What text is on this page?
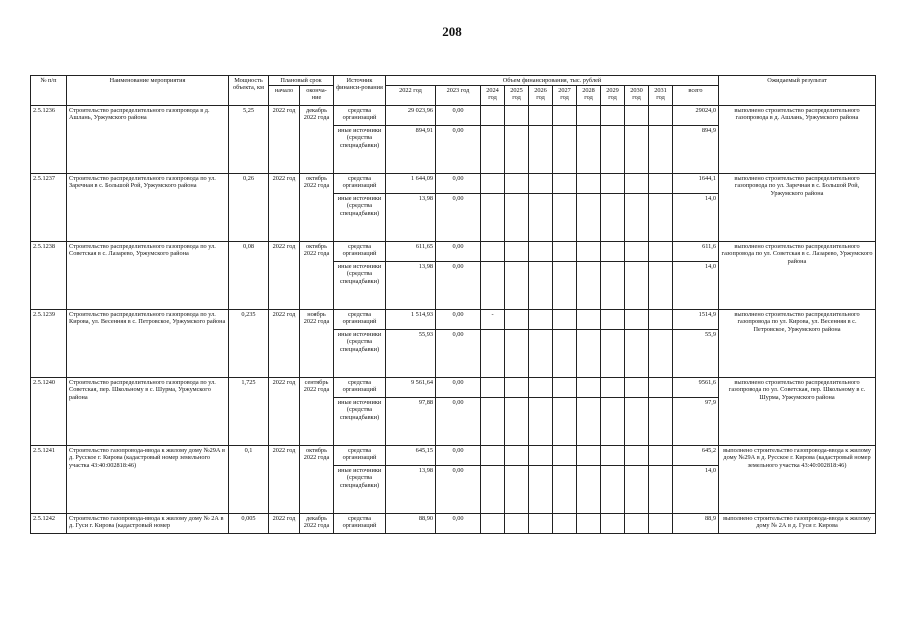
208
№ п/п	Наименование мероприятия	Мощность объекта, км	Плановый срок		Источник финанси-рования	Объем финансирования, тыс. рублей											Ожидаемый результат
			начало	оконча-ние		2022 год	2023 год	2024 год	2025 год	2026 год	2027 год	2028 год	2029 год	2030 год	2031 год	всего	
2.5.1236	Строительство распределительного газопровода в д. Ашлань, Уржумского района	5,25	2022 год	декабрь 2022 года	средства организаций	29 023,96	0,00									29024,0	выполнено строительство распределительного газопровода в д. Ашлань, Уржумского района
					иные источники (средства спецнадбавки)	894,91	0,00									894,9	
2.5.1237	Строительство распределительного газопровода по ул. Заречная в с. Большой Рой, Уржумского района	0,26	2022 год	октябрь 2022 года	средства организаций	1 644,09	0,00									1644,1	выполнено строительство распределительного газопровода по ул. Заречная в с. Большой Рой, Уржумского района
					иные источники (средства спецнадбавки)	13,98	0,00									14,0	
2.5.1238	Строительство распределительного газопровода по ул. Советская в с. Лазарево, Уржумского района	0,08	2022 год	октябрь 2022 года	средства организаций	611,65	0,00									611,6	выполнено строительство распределительного газопровода по ул. Советская в с. Лазарево, Уржумского района
					иные источники (средства спецнадбавки)	13,98	0,00									14,0	
2.5.1239	Строительство распределительного газопровода по ул. Кирова, ул. Весенняя в с. Петровское, Уржумского района	0,235	2022 год	ноябрь 2022 года	средства организаций	1 514,93	0,00	-								1514,9	выполнено строительство распределительного газопровода по ул. Кирова, ул. Весенняя в с. Петровское, Уржумского района
					иные источники (средства спецнадбавки)	55,93	0,00									55,9	
2.5.1240	Строительство распределительного газопровода по ул. Советская, пер. Школьному в с. Шурма, Уржумского района	1,725	2022 год	сентябрь 2022 года	средства организаций	9 561,64	0,00									9561,6	выполнено строительство распределительного газопровода по ул. Советская, пер. Школьному в с. Шурма, Уржумского района
					иные источники (средства спецнадбавки)	97,88	0,00									97,9	
2.5.1241	Строительство газопровода-ввода к жилому дому №29А в д. Русское г. Кирова (кадастровый номер земельного участка 43:40:002818:46)	0,1	2022 год	октябрь 2022 года	средства организаций	645,15	0,00									645,2	выполнено строительство газопровода-ввода к жилому дому №29А в д. Русское г. Кирова (кадастровый номер земельного участка 43:40:002818:46)
					иные источники (средства спецнадбавки)	13,98	0,00									14,0	
2.5.1242	Строительство газопровода-ввода к жилому дому № 2А в д. Гуси г. Кирова (кадастровый номер	0,005	2022 год	декабрь 2022 года	средства организаций	88,90	0,00									88,9	выполнено строительство газопровода-ввода к жилому дому № 2А в д. Гуси г. Кирова
